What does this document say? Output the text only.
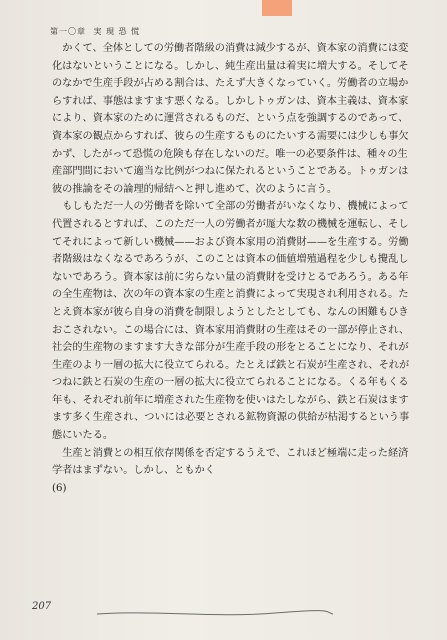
第一〇章 実 現 恐 慌

かくて、全体としての労働者階級の消費は減少するが、資本家の消費には変化はないということになる。しかし、純生産出量は着実に増大する。そしてそのなかで生産手段が占める割合は、たえず大きくなっていく。労働者の立場からすれば、事態はますます悪くなる。しかしトゥガンは、資本主義は、資本家により、資本家のために運営されるものだ、という点を強調するのであって、資本家の観点からすれば、彼らの生産するものにたいする需要には少しも事欠かず、したがって恐慌の危険も存在しないのだ。唯一の必要条件は、種々の生産部門間において適当な比例がつねに保たれるということである。トゥガンは彼の推論をその論理的帰結へと押し進めて、次のように言う。

もしもただ一人の労働者を除いて全部の労働者がいなくなり、機械によって代置されるとすれば、このただ一人の労働者が厖大な数の機械を運転し、そしてそれによって新しい機械——および資本家用の消費財——を生産する。労働者階級はなくなるであろうが、このことは資本の価値増殖過程を少しも攪乱しないであろう。資本家は前に劣らない量の消費財を受けとるであろう。ある年の全生産物は、次の年の資本家の生産と消費によって実現され利用される。たとえ資本家が彼ら自身の消費を制限しようとしたとしても、なんの困難もひきおこされない。この場合には、資本家用消費財の生産はその一部が停止され、社会的生産物のますます大きな部分が生産手段の形をとることになり、それが生産のより一層の拡大に役立てられる。たとえば鉄と石炭が生産され、それがつねに鉄と石炭の生産の一層の拡大に役立てられることになる。くる年もくる年も、それぞれ前年に増産された生産物を使いはたしながら、鉄と石炭はますます多く生産され、ついには必要とされる鉱物資源の供給が枯渇するという事態にいたる。

生産と消費との相互依存関係を否定するうえで、これほど極端に走った経済学者はまずない。しかし、ともかく

(6)
207
